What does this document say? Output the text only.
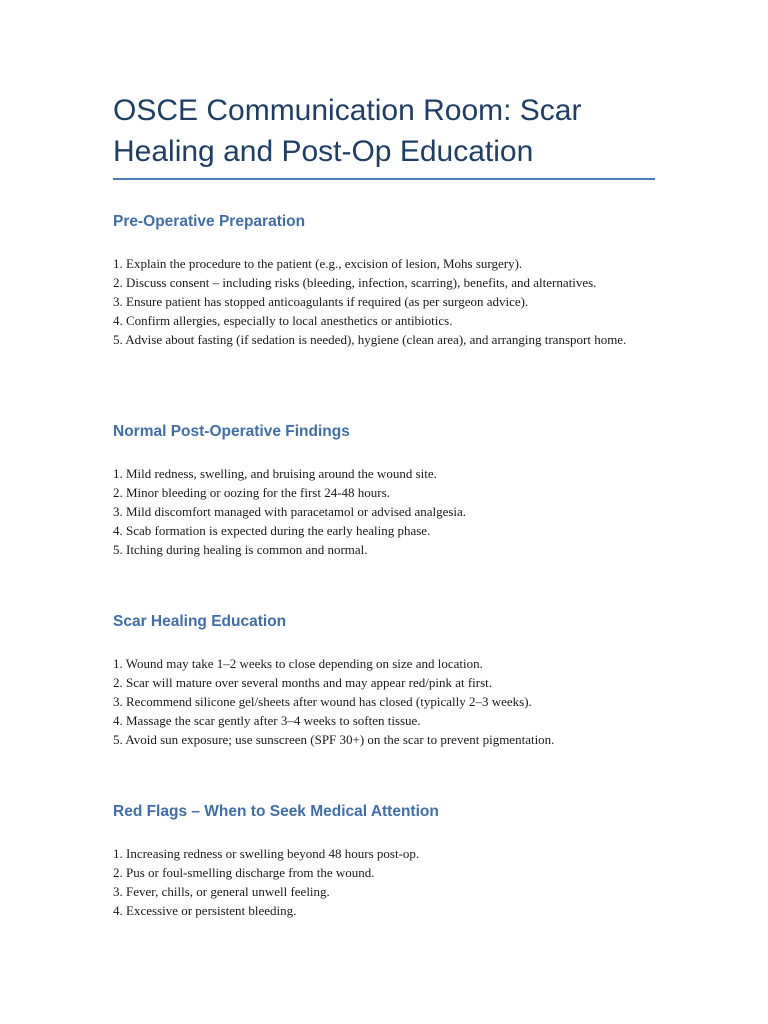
OSCE Communication Room: Scar Healing and Post-Op Education
Pre-Operative Preparation
1. Explain the procedure to the patient (e.g., excision of lesion, Mohs surgery).
2. Discuss consent – including risks (bleeding, infection, scarring), benefits, and alternatives.
3. Ensure patient has stopped anticoagulants if required (as per surgeon advice).
4. Confirm allergies, especially to local anesthetics or antibiotics.
5. Advise about fasting (if sedation is needed), hygiene (clean area), and arranging transport home.
Normal Post-Operative Findings
1. Mild redness, swelling, and bruising around the wound site.
2. Minor bleeding or oozing for the first 24-48 hours.
3. Mild discomfort managed with paracetamol or advised analgesia.
4. Scab formation is expected during the early healing phase.
5. Itching during healing is common and normal.
Scar Healing Education
1. Wound may take 1–2 weeks to close depending on size and location.
2. Scar will mature over several months and may appear red/pink at first.
3. Recommend silicone gel/sheets after wound has closed (typically 2–3 weeks).
4. Massage the scar gently after 3–4 weeks to soften tissue.
5. Avoid sun exposure; use sunscreen (SPF 30+) on the scar to prevent pigmentation.
Red Flags – When to Seek Medical Attention
1. Increasing redness or swelling beyond 48 hours post-op.
2. Pus or foul-smelling discharge from the wound.
3. Fever, chills, or general unwell feeling.
4. Excessive or persistent bleeding.
